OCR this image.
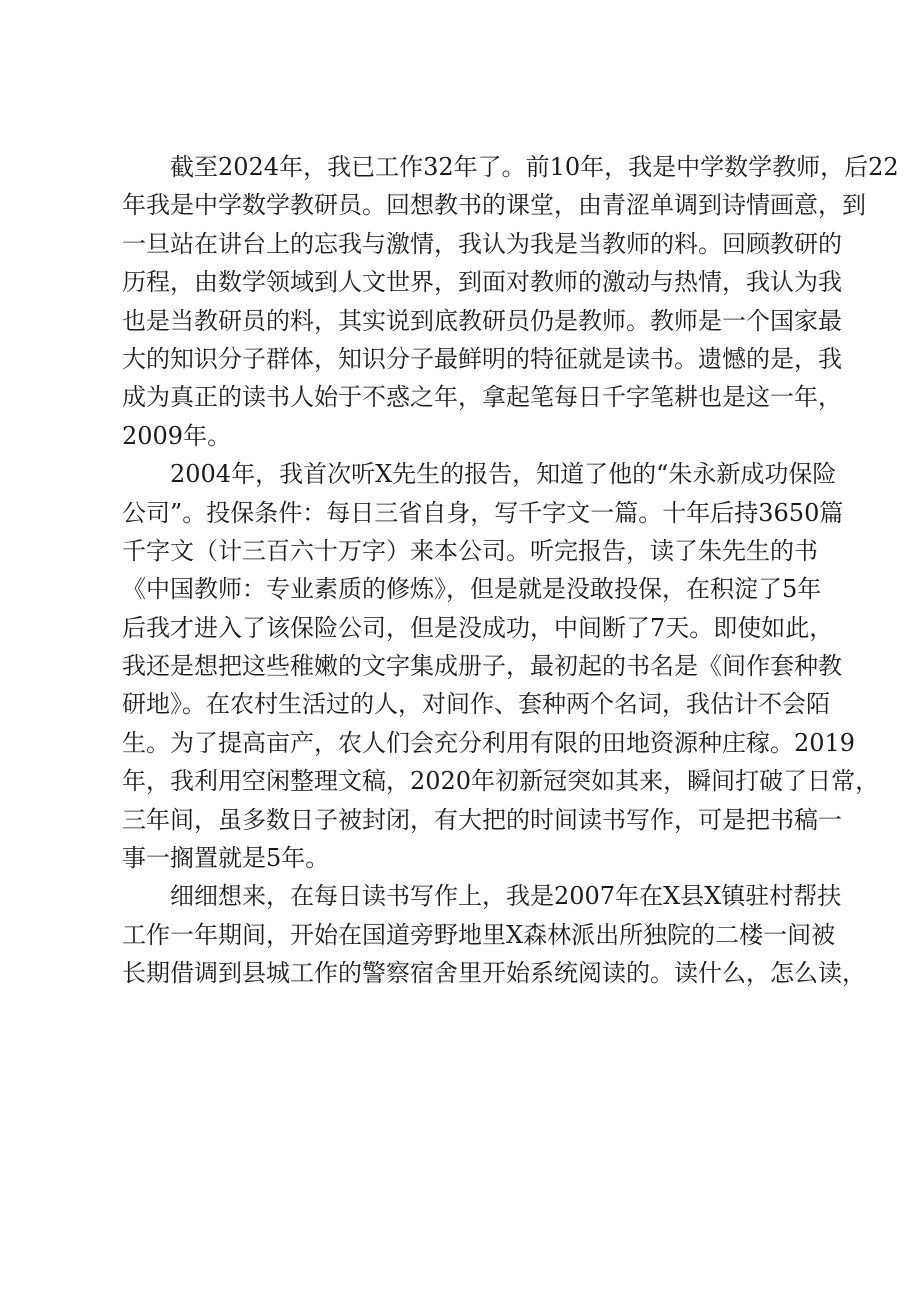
截至2024年，我已工作32年了。前10年，我是中学数学教师，后22
年我是中学数学教研员。回想教书的课堂，由青涩单调到诗情画意，到
一旦站在讲台上的忘我与激情，我认为我是当教师的料。回顾教研的
历程，由数学领域到人文世界，到面对教师的激动与热情，我认为我
也是当教研员的料，其实说到底教研员仍是教师。教师是一个国家最
大的知识分子群体，知识分子最鲜明的特征就是读书。遗憾的是，我
成为真正的读书人始于不惑之年，拿起笔每日千字笔耕也是这一年，
2009年。
2004年，我首次听X先生的报告，知道了他的“朱永新成功保险
公司”。投保条件：每日三省自身，写千字文一篇。十年后持3650篇
千字文（计三百六十万字）来本公司。听完报告，读了朱先生的书
《中国教师：专业素质的修炼》，但是就是没敢投保，在积淀了5年
后我才进入了该保险公司，但是没成功，中间断了7天。即使如此，
我还是想把这些稚嫩的文字集成册子，最初起的书名是《间作套种教
研地》。在农村生活过的人，对间作、套种两个名词，我估计不会陌
生。为了提高亩产，农人们会充分利用有限的田地资源种庄稼。2019
年，我利用空闲整理文稿，2020年初新冠突如其来，瞬间打破了日常，
三年间，虽多数日子被封闭，有大把的时间读书写作，可是把书稿一
事一搁置就是5年。
细细想来，在每日读书写作上，我是2007年在X县X镇驻村帮扶
工作一年期间，开始在国道旁野地里X森林派出所独院的二楼一间被
长期借调到县城工作的警察宿舍里开始系统阅读的。读什么，怎么读，
